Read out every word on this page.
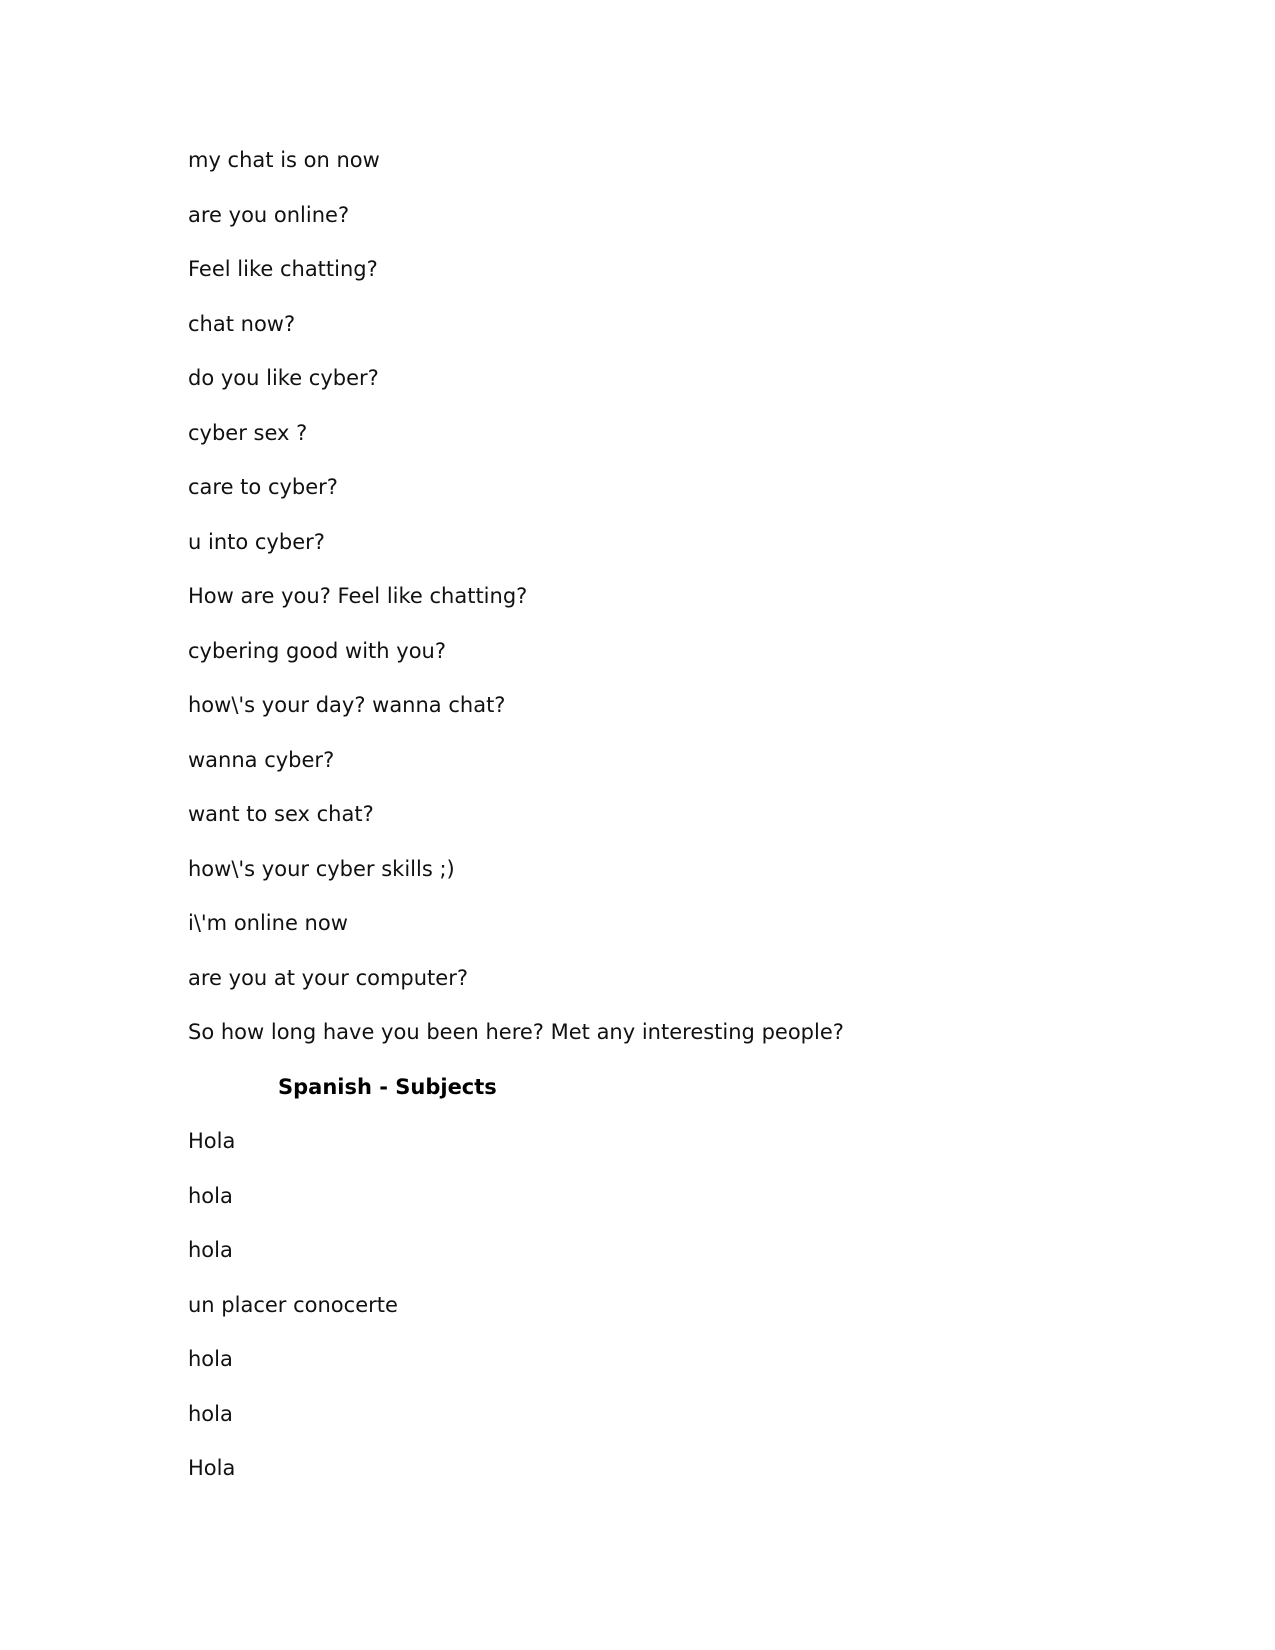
my chat is on now

are you online?

Feel like chatting?

chat now?

do you like cyber?

cyber sex ?

care to cyber?

u into cyber?

How are you? Feel like chatting?

cybering good with you?

how\'s your day? wanna chat?

wanna cyber?

want to sex chat?

how\'s your cyber skills ;)

i\'m online now

are you at your computer?

So how long have you been here? Met any interesting people?

Spanish - Subjects

Hola

hola

hola

un placer conocerte

hola

hola

Hola
